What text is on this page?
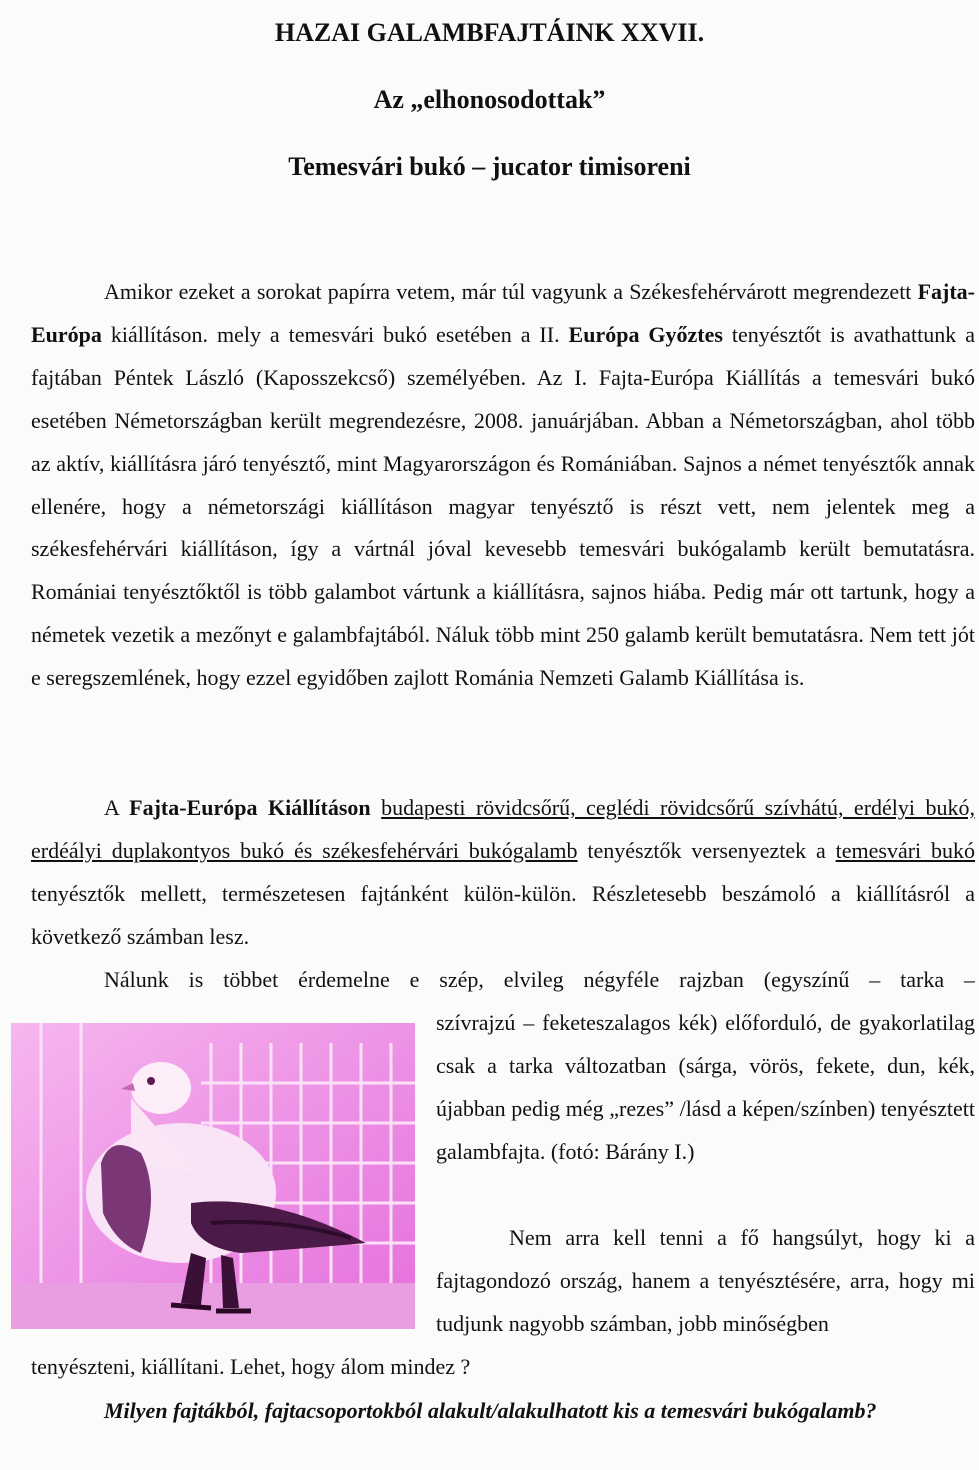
HAZAI GALAMBFAJTÁINK XXVII.
Az „elhonosodottak”
Temesvári bukó – jucator timisoreni
Amikor ezeket a sorokat papírra vetem, már túl vagyunk a Székesfehérvárott megrendezett Fajta-Európa kiállításon. mely a temesvári bukó esetében a II. Európa Győztes tenyésztőt is avathattunk a fajtában Péntek László (Kaposszekcső) személyében. Az I. Fajta-Európa Kiállítás a temesvári bukó esetében Németországban került megrendezésre, 2008. januárjában. Abban a Németországban, ahol több az aktív, kiállításra járó tenyésztő, mint Magyarországon és Romániában. Sajnos a német tenyésztők annak ellenére, hogy a németországi kiállításon magyar tenyésztő is részt vett, nem jelentek meg a székesfehérvári kiállításon, így a vártnál jóval kevesebb temesvári bukógalamb került bemutatásra. Romániai tenyésztőktől is több galambot vártunk a kiállításra, sajnos hiába. Pedig már ott tartunk, hogy a németek vezetik a mezőnyt e galambfajtából. Náluk több mint 250 galamb került bemutatásra. Nem tett jót e seregszemlének, hogy ezzel egyidőben zajlott Románia Nemzeti Galamb Kiállítása is.
A Fajta-Európa Kiállításon budapesti rövidcsőrű, ceglédi rövidcsőrű szívhátú, erdélyi bukó, erdéályi duplakontyos bukó és székesfehérvári bukógalamb tenyésztők versenyeztek a temesvári bukó tenyésztők mellett, természetesen fajtánként külön-külön. Részletesebb beszámoló a kiállításról a következő számban lesz.
Nálunk is többet érdemelne e szép, elvileg négyféle rajzban (egyszínű – tarka –
szívrajzú – feketeszalagos kék) előforduló, de gyakorlatilag csak a tarka változatban (sárga, vörös, fekete, dun, kék, újabban pedig még „rezes” /lásd a képen/színben) tenyésztett galambfajta. (fotó: Bárány I.)
Nem arra kell tenni a fő hangsúlyt, hogy ki a fajtagondozó ország, hanem a tenyésztésére, arra, hogy mi tudjunk nagyobb számban, jobb minőségben
tenyészteni, kiállítani. Lehet, hogy álom mindez ?
Milyen fajtákból, fajtacsoportokból alakult/alakulhatott kis a temesvári bukógalamb?
